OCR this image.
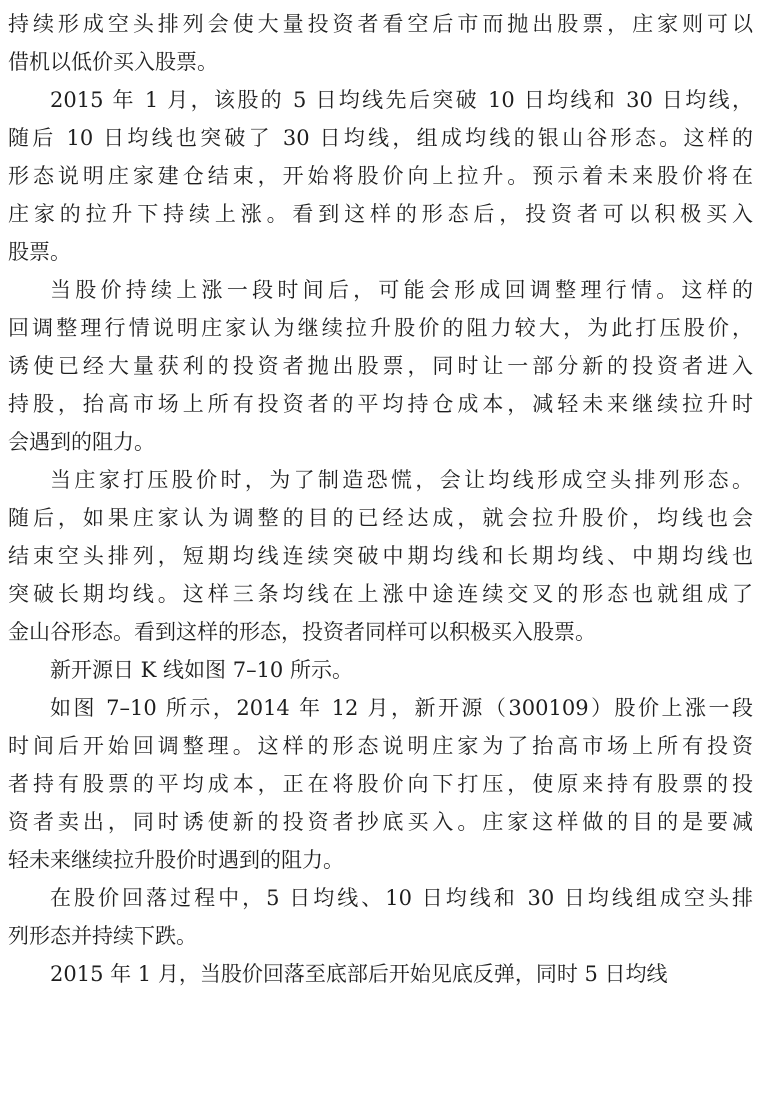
持续形成空头排列会使大量投资者看空后市而抛出股票，庄家则可以
借机以低价买入股票。
2015 年 1 月，该股的 5 日均线先后突破 10 日均线和 30 日均线，
随后 10 日均线也突破了 30 日均线，组成均线的银山谷形态。这样的
形态说明庄家建仓结束，开始将股价向上拉升。预示着未来股价将在
庄家的拉升下持续上涨。看到这样的形态后，投资者可以积极买入
股票。
当股价持续上涨一段时间后，可能会形成回调整理行情。这样的
回调整理行情说明庄家认为继续拉升股价的阻力较大，为此打压股价，
诱使已经大量获利的投资者抛出股票，同时让一部分新的投资者进入
持股，抬高市场上所有投资者的平均持仓成本，减轻未来继续拉升时
会遇到的阻力。
当庄家打压股价时，为了制造恐慌，会让均线形成空头排列形态。
随后，如果庄家认为调整的目的已经达成，就会拉升股价，均线也会
结束空头排列，短期均线连续突破中期均线和长期均线、中期均线也
突破长期均线。这样三条均线在上涨中途连续交叉的形态也就组成了
金山谷形态。看到这样的形态，投资者同样可以积极买入股票。
新开源日 K 线如图 7–10 所示。
如图 7–10 所示，2014 年 12 月，新开源（300109）股价上涨一段
时间后开始回调整理。这样的形态说明庄家为了抬高市场上所有投资
者持有股票的平均成本，正在将股价向下打压，使原来持有股票的投
资者卖出，同时诱使新的投资者抄底买入。庄家这样做的目的是要减
轻未来继续拉升股价时遇到的阻力。
在股价回落过程中，5 日均线、10 日均线和 30 日均线组成空头排
列形态并持续下跌。
2015 年 1 月，当股价回落至底部后开始见底反弹，同时 5 日均线
